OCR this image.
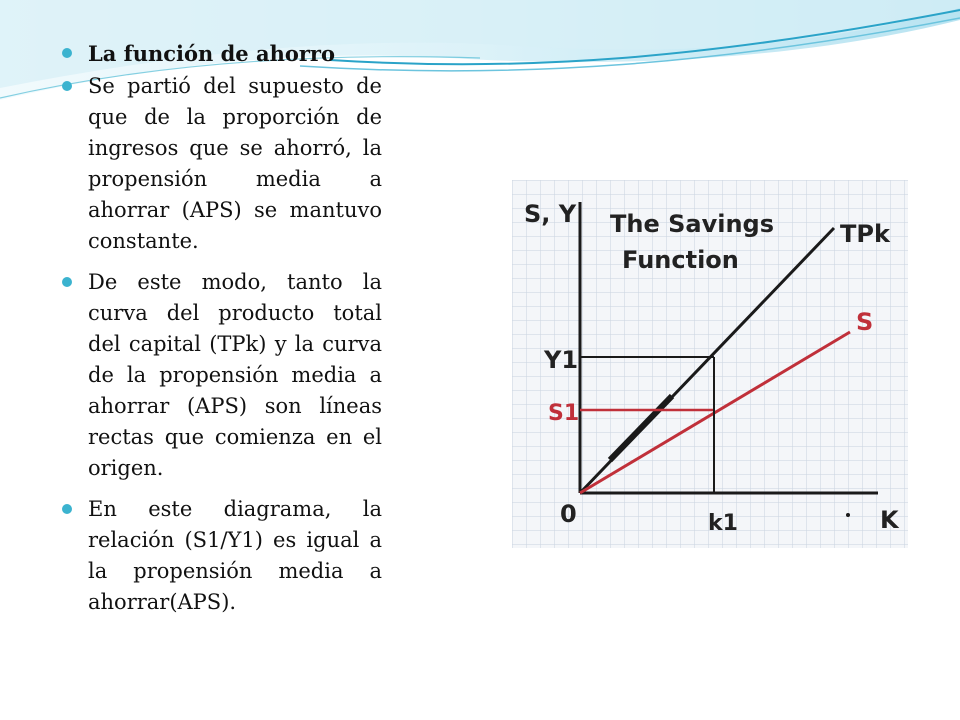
La función de ahorro

Se partió del supuesto de que de la proporción de ingresos que se ahorró, la propensión media a ahorrar (APS) se mantuvo constante.

De este modo, tanto la curva del producto total del capital (TPk) y la curva de la propensión media a ahorrar (APS) son líneas rectas que comienza en el origen.

En este diagrama, la relación (S1/Y1) es igual a la propensión media a ahorrar(APS).

S, Y The Savings
Function
TPk
S
Y1
S1
0	k1	K
